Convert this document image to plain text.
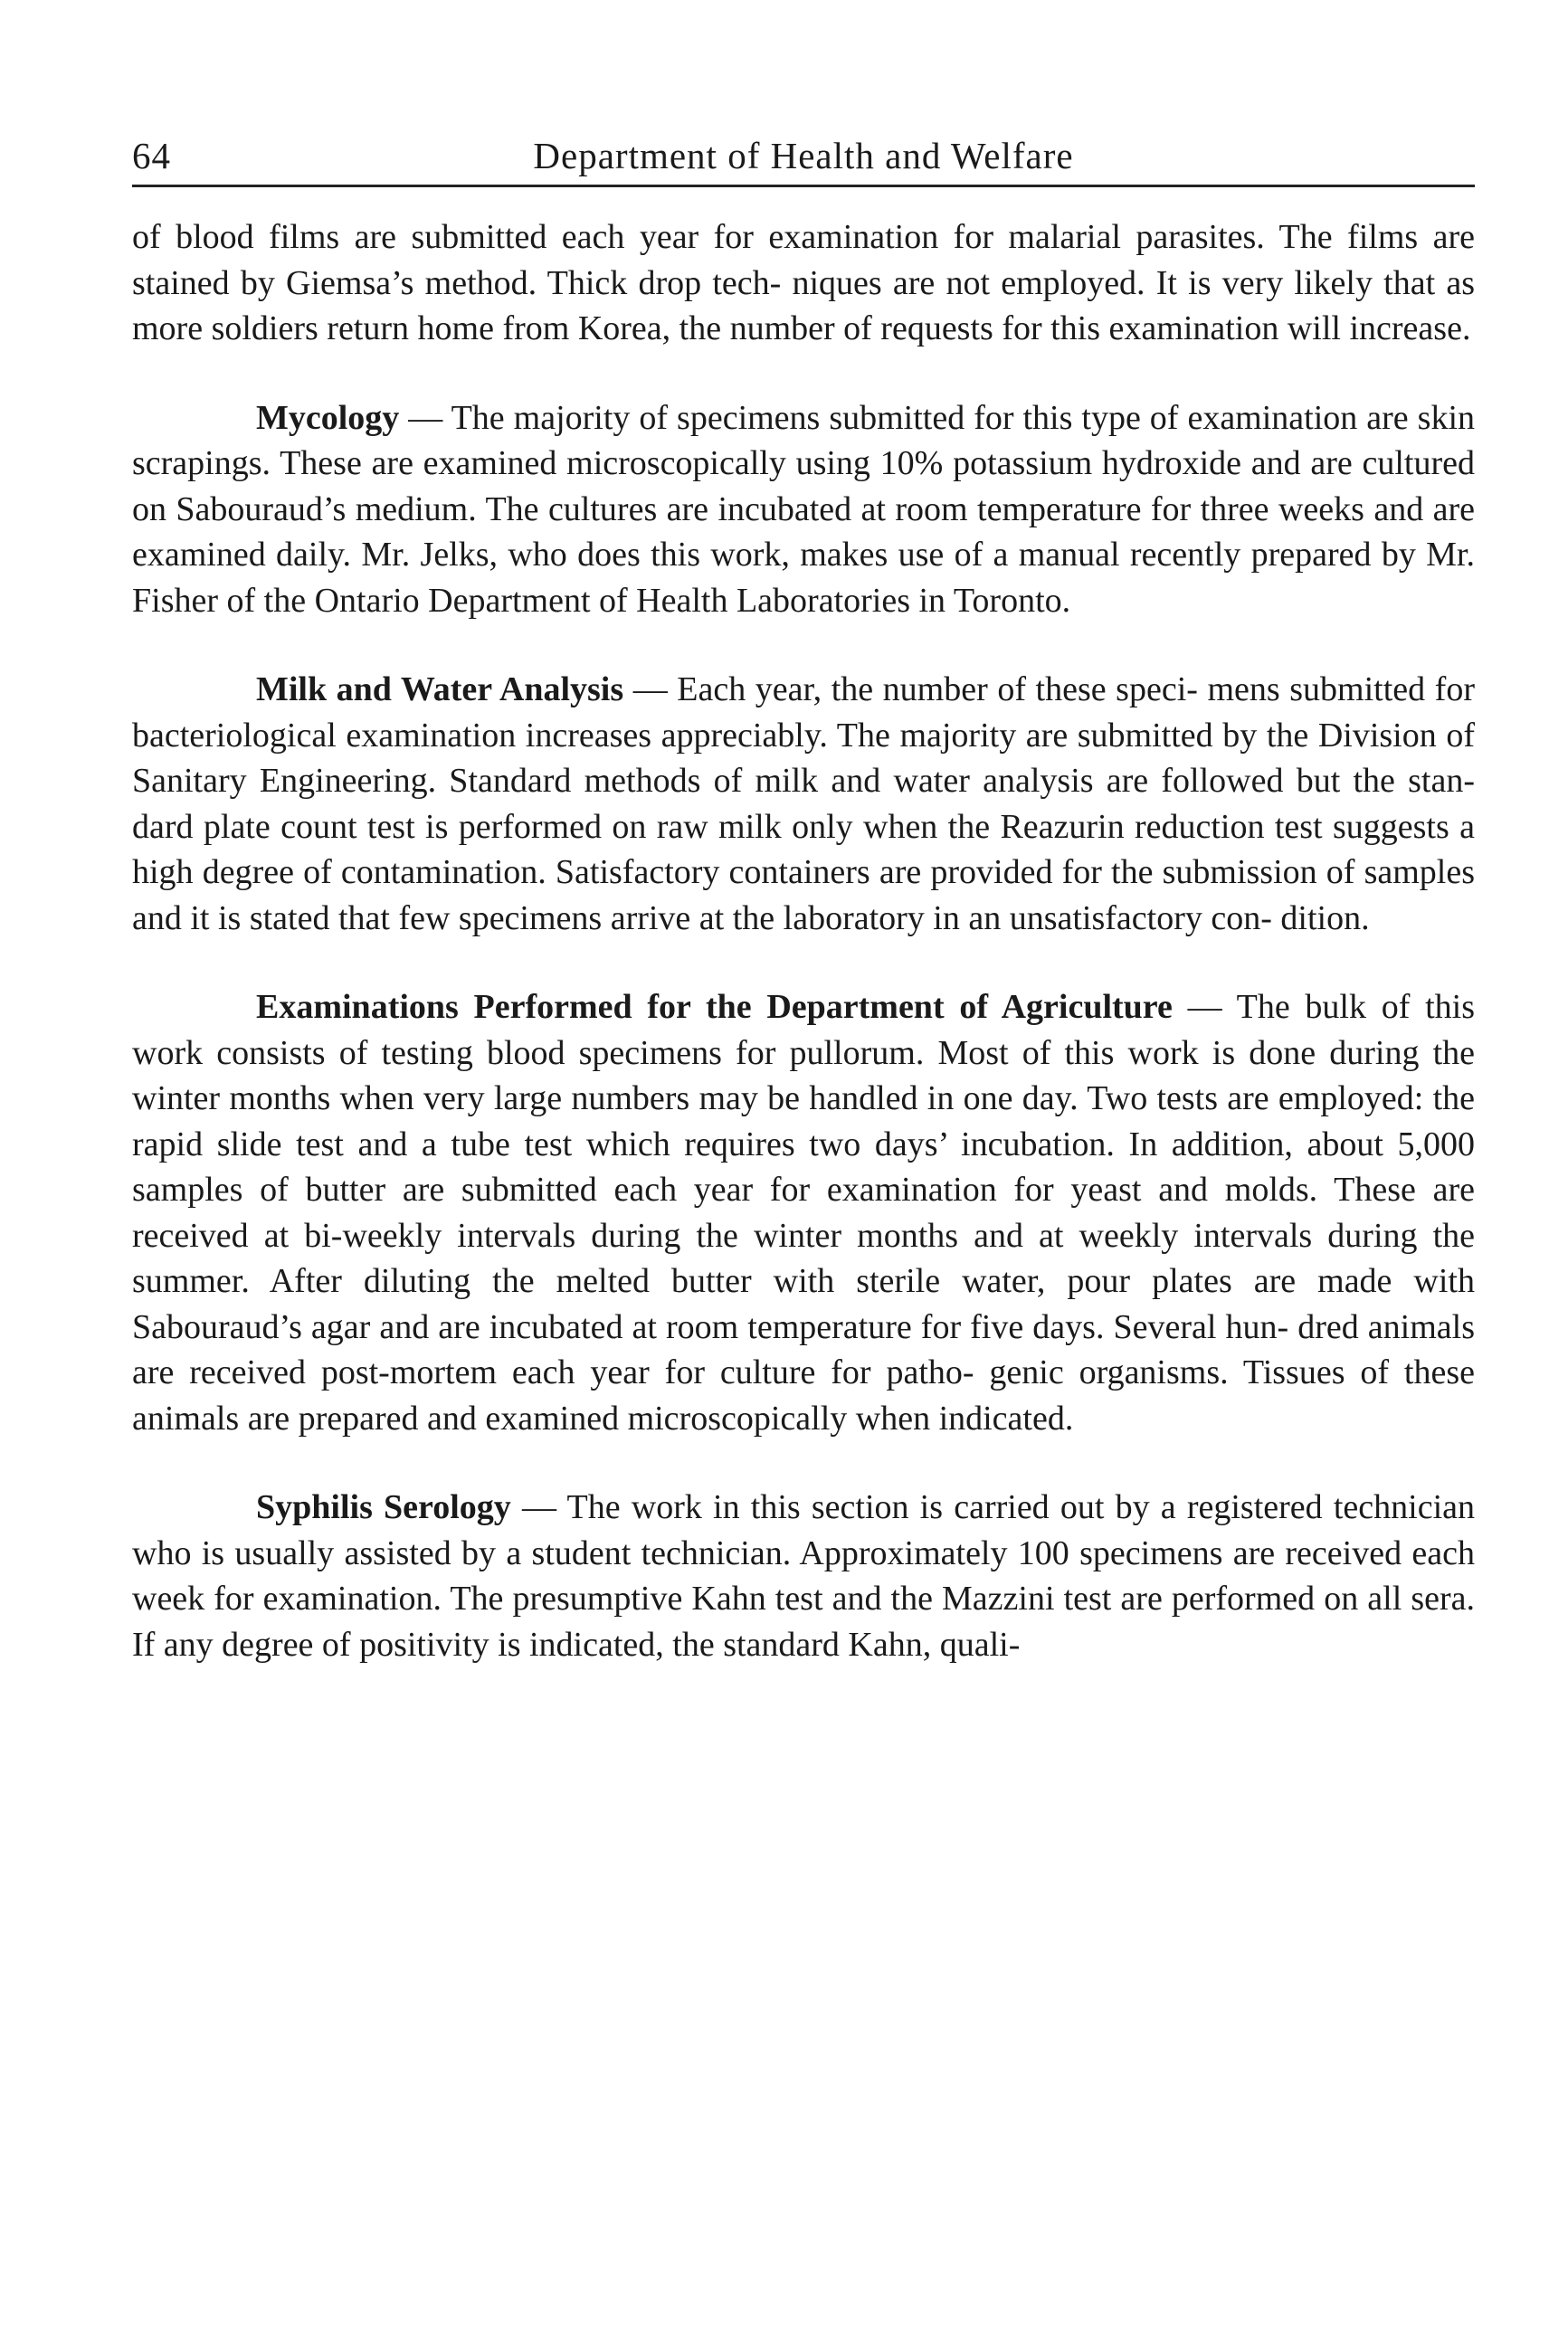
64	Department of Health and Welfare

of blood films are submitted each year for examination for malarial parasites. The films are stained by Giemsa’s method. Thick drop tech- niques are not employed. It is very likely that as more soldiers return home from Korea, the number of requests for this examination will increase.

Mycology — The majority of specimens submitted for this type of examination are skin scrapings. These are examined microscopically using 10% potassium hydroxide and are cultured on Sabouraud’s medium. The cultures are incubated at room temperature for three weeks and are examined daily. Mr. Jelks, who does this work, makes use of a manual recently prepared by Mr. Fisher of the Ontario Department of Health Laboratories in Toronto.

Milk and Water Analysis — Each year, the number of these speci- mens submitted for bacteriological examination increases appreciably. The majority are submitted by the Division of Sanitary Engineering. Standard methods of milk and water analysis are followed but the stan- dard plate count test is performed on raw milk only when the Reazurin reduction test suggests a high degree of contamination. Satisfactory containers are provided for the submission of samples and it is stated that few specimens arrive at the laboratory in an unsatisfactory con- dition.

Examinations Performed for the Department of Agriculture — The bulk of this work consists of testing blood specimens for pullorum. Most of this work is done during the winter months when very large numbers may be handled in one day. Two tests are employed: the rapid slide test and a tube test which requires two days’ incubation. In addition, about 5,000 samples of butter are submitted each year for examination for yeast and molds. These are received at bi-weekly intervals during the winter months and at weekly intervals during the summer. After diluting the melted butter with sterile water, pour plates are made with Sabouraud’s agar and are incubated at room temperature for five days. Several hun- dred animals are received post-mortem each year for culture for patho- genic organisms. Tissues of these animals are prepared and examined microscopically when indicated.

Syphilis Serology — The work in this section is carried out by a registered technician who is usually assisted by a student technician. Approximately 100 specimens are received each week for examination. The presumptive Kahn test and the Mazzini test are performed on all sera. If any degree of positivity is indicated, the standard Kahn, quali-
